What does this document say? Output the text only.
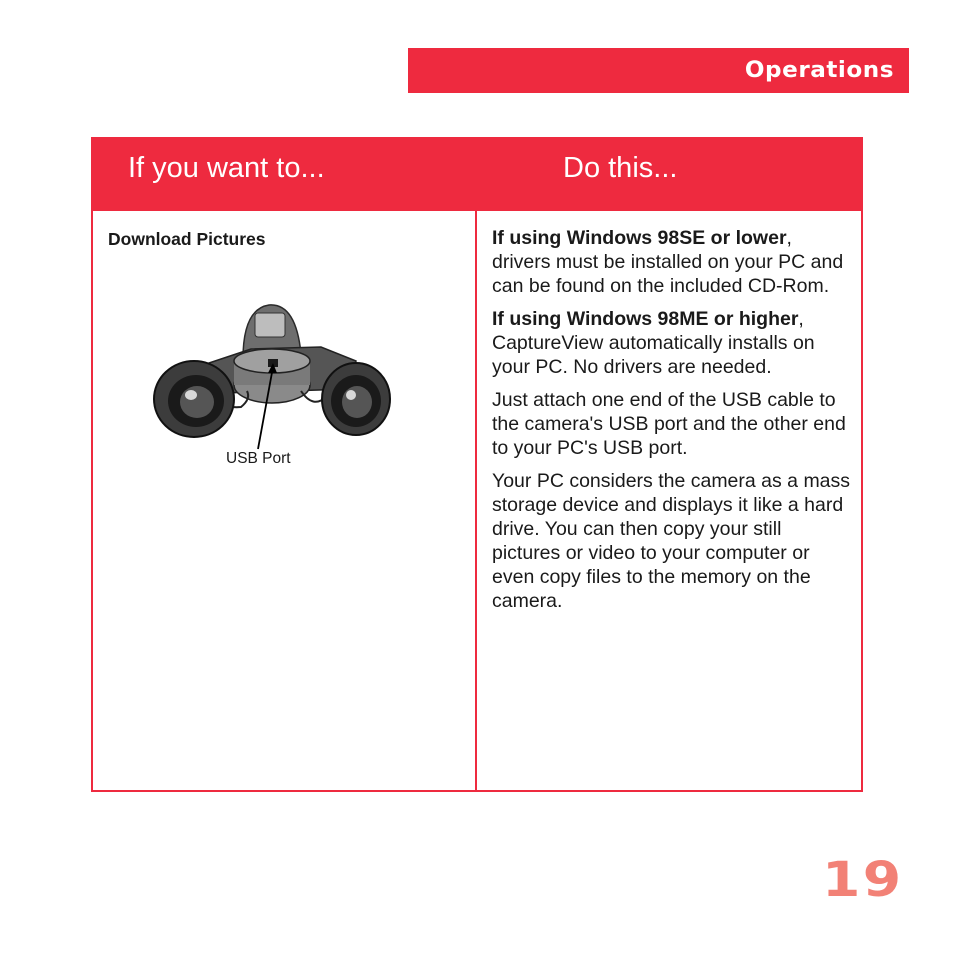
Operations
If you want to...	Do this...
Download Pictures
USB Port

If using Windows 98SE or lower, drivers must be installed on your PC and can be found on the included CD-Rom.

If using Windows 98ME or higher, CaptureView automatically installs on your PC. No drivers are needed.

Just attach one end of the USB cable to the camera's USB port and the other end to your PC's USB port.

Your PC considers the camera as a mass storage device and displays it like a hard drive. You can then copy your still pictures or video to your computer or even copy files to the memory on the camera.

19
